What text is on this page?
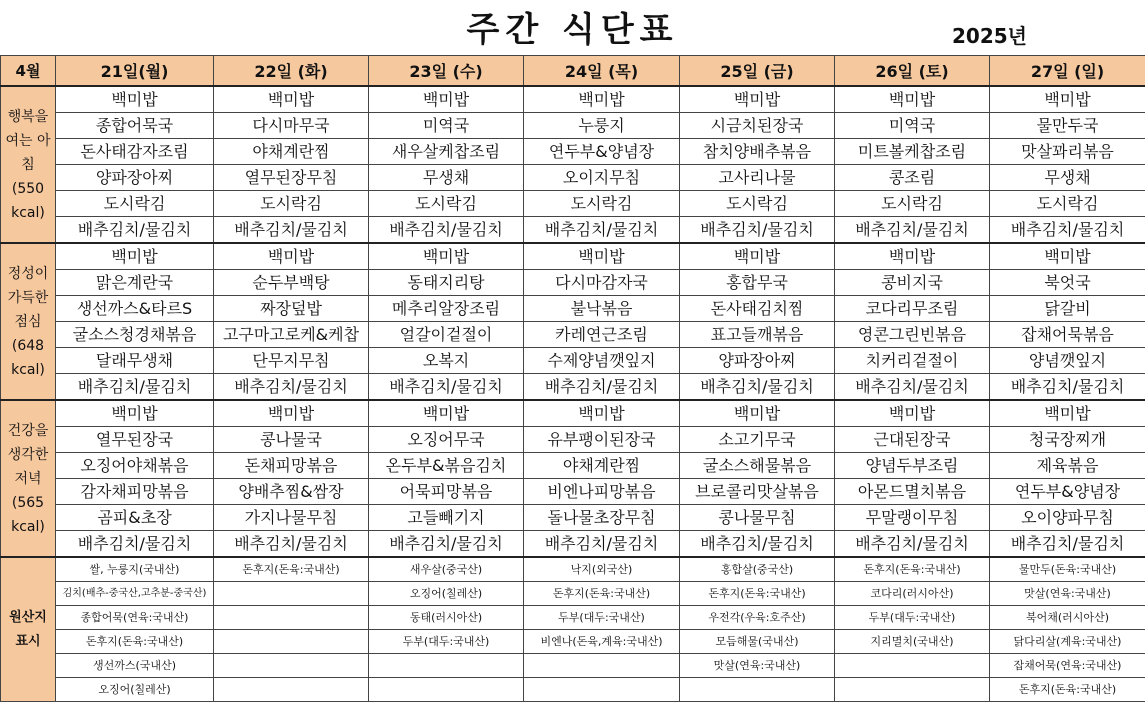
주간 식단표	2025년
4월	21일(월)	22일 (화)	23일 (수)	24일 (목)	25일 (금)	26일 (토)	27일 (일)
행복을 여는 아침 (550 kcal)	백미밥	백미밥	백미밥	백미밥	백미밥	백미밥	백미밥
	종합어묵국	다시마무국	미역국	누룽지	시금치된장국	미역국	물만두국
	돈사태감자조림	야채계란찜	새우살케찹조림	연두부&양념장	참치양배추볶음	미트볼케찹조림	맛살꽈리볶음
	양파장아찌	열무된장무침	무생채	오이지무침	고사리나물	콩조림	무생채
	도시락김	도시락김	도시락김	도시락김	도시락김	도시락김	도시락김
	배추김치/물김치	배추김치/물김치	배추김치/물김치	배추김치/물김치	배추김치/물김치	배추김치/물김치	배추김치/물김치
정성이 가득한 점심 (648 kcal)	백미밥	백미밥	백미밥	백미밥	백미밥	백미밥	백미밥
	맑은계란국	순두부백탕	동태지리탕	다시마감자국	홍합무국	콩비지국	북엇국
	생선까스&타르S	짜장덮밥	메추리알장조림	불낙볶음	돈사태김치찜	코다리무조림	닭갈비
	굴소스청경채볶음	고구마고로케&케찹	얼갈이겉절이	카레연근조림	표고들깨볶음	영콘그린빈볶음	잡채어묵볶음
	달래무생채	단무지무침	오복지	수제양념깻잎지	양파장아찌	치커리겉절이	양념깻잎지
	배추김치/물김치	배추김치/물김치	배추김치/물김치	배추김치/물김치	배추김치/물김치	배추김치/물김치	배추김치/물김치
건강을 생각한 저녁 (565 kcal)	백미밥	백미밥	백미밥	백미밥	백미밥	백미밥	백미밥
	열무된장국	콩나물국	오징어무국	유부팽이된장국	소고기무국	근대된장국	청국장찌개
	오징어야채볶음	돈채피망볶음	온두부&볶음김치	야채계란찜	굴소스해물볶음	양념두부조림	제육볶음
	감자채피망볶음	양배추찜&쌈장	어묵피망볶음	비엔나피망볶음	브로콜리맛살볶음	아몬드멸치볶음	연두부&양념장
	곰피&초장	가지나물무침	고들빼기지	돌나물초장무침	콩나물무침	무말랭이무침	오이양파무침
	배추김치/물김치	배추김치/물김치	배추김치/물김치	배추김치/물김치	배추김치/물김치	배추김치/물김치	배추김치/물김치
원산지 표시	쌀, 누룽지(국내산)	돈후지(돈육:국내산)	새우살(중국산)	낙지(외국산)	홍합살(중국산)	돈후지(돈육:국내산)	물만두(돈육:국내산)
	김치(배추-중국산,고추분-중국산)		오징어(칠레산)	돈후지(돈육:국내산)	돈후지(돈육:국내산)	코다리(러시아산)	맛살(연육:국내산)
	종합어묵(연육:국내산)		동태(러시아산)	두부(대두:국내산)	우전각(우육:호주산)	두부(대두:국내산)	북어채(러시아산)
	돈후지(돈육:국내산)		두부(대두:국내산)	비엔나(돈육,계육:국내산)	모듬해물(국내산)	지리멸치(국내산)	닭다리살(계육:국내산)
	생선까스(국내산)				맛살(연육:국내산)		잡채어묵(연육:국내산)
	오징어(칠레산)						돈후지(돈육:국내산)
